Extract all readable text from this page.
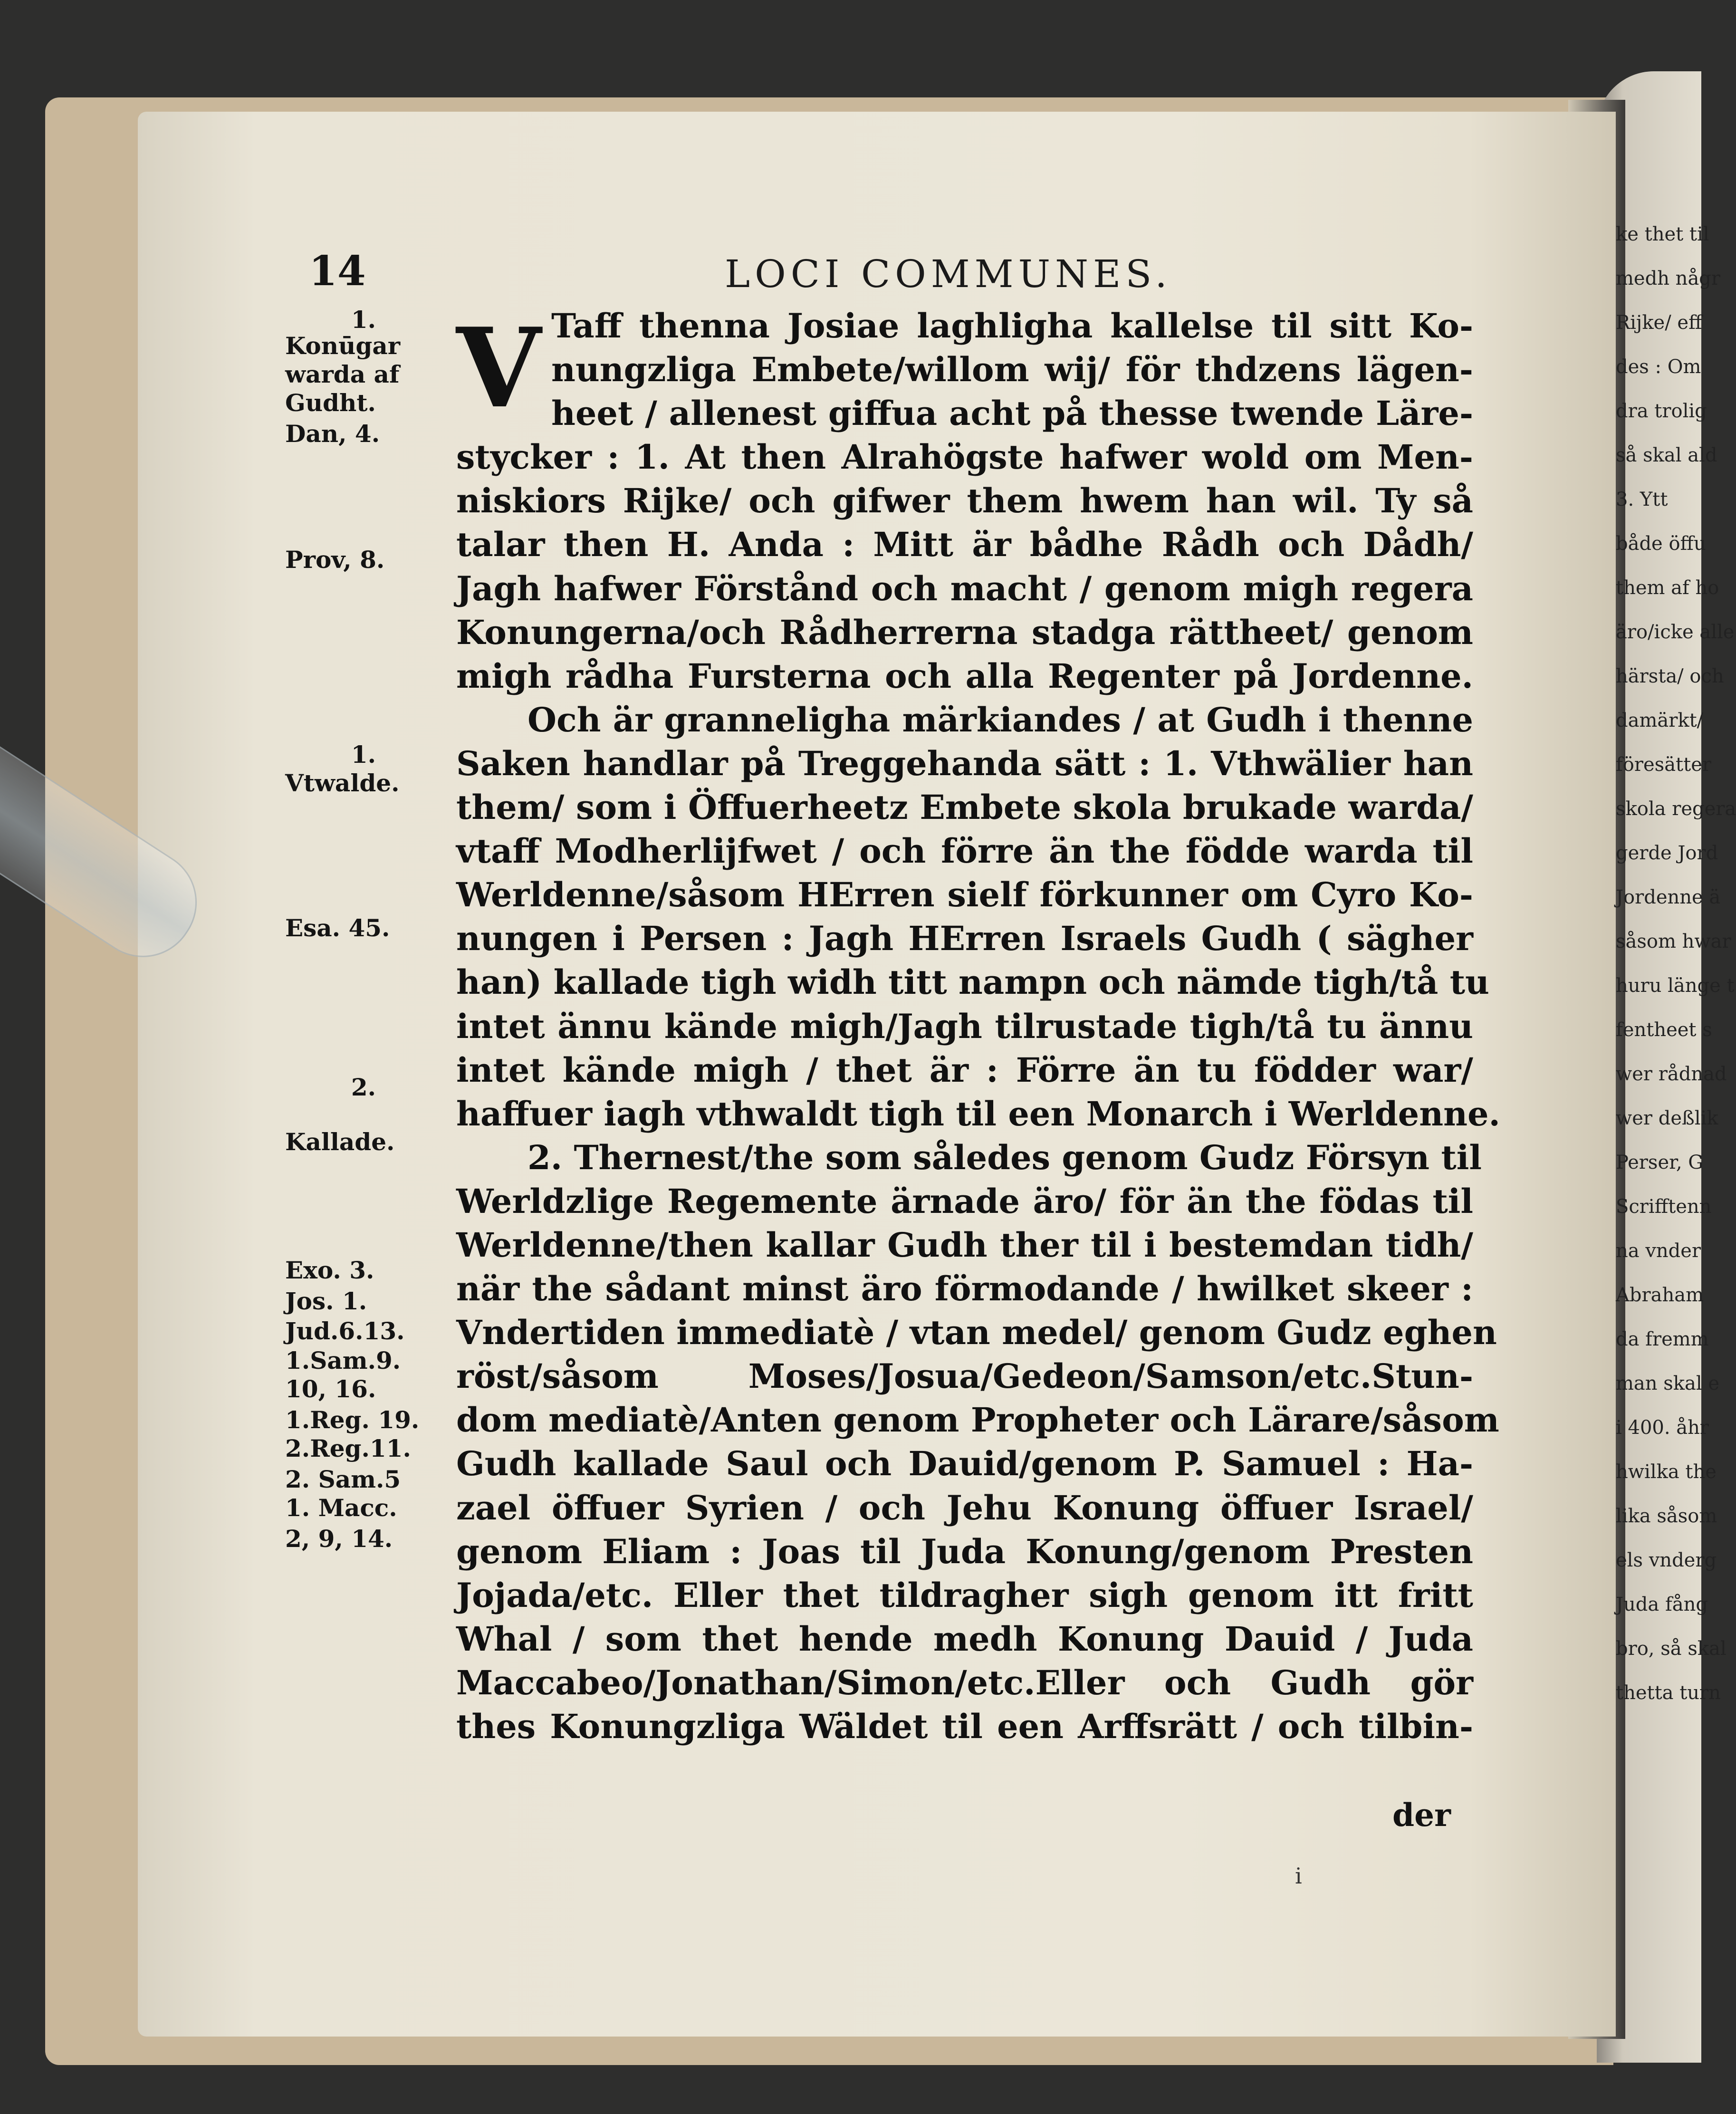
ke thet til
medh någr
Rijke/ eff
des : Om
dra trolig
så skal ald
3. Ytt
både öffu
them af ho
äro/icke alle
härsta/ och
damärkt/
föresätter
skola regera
gerde Jord
Jordenne ä
såsom hwar
huru länge t
fentheet s
wer rådnad
wer deßlik
Perser, G
Scrifftenn
na vnder
Abraham
da fremm
man skal e
i 400. åhr
hwilka the
lika såsom
els vnderg
Juda fång
bro, så skal
thetta turn
14	LOCI COMMUNES.
1.
Konūgar
warda af
Gudht.
Dan, 4.
Prov, 8.
1.
Vtwalde.
Esa. 45.
2.
Kallade.
Exo. 3.
Jos. 1.
Jud.6.13.
1.Sam.9.
10, 16.
1.Reg. 19.
2.Reg.11.
2. Sam.5
1. Macc.
2, 9, 14.
V Taff thenna Josiae laghligha kallelse til sitt Ko-
nungzliga Embete/willom wij/ för thdzens lägen-
heet / allenest giffua acht på thesse twende Läre-
stycker : 1. At then Alrahögste hafwer wold om Men-
niskiors Rijke/ och gifwer them hwem han wil. Ty så
talar then H. Anda : Mitt är bådhe Rådh och Dådh/
Jagh hafwer Förstånd och macht / genom migh regera
Konungerna/och Rådherrerna stadga rättheet/ genom
migh rådha Fursterna och alla Regenter på Jordenne.
Och är granneligha märkiandes / at Gudh i thenne
Saken handlar på Treggehanda sätt : 1. Vthwälier han
them/ som i Öffuerheetz Embete skola brukade warda/
vtaff Modherlijfwet / och förre än the födde warda til
Werldenne/såsom HErren sielf förkunner om Cyro Ko-
nungen i Persen : Jagh HErren Israels Gudh ( sägher
han) kallade tigh widh titt nampn och nämde tigh/tå tu
intet ännu kände migh/Jagh tilrustade tigh/tå tu ännu
intet kände migh / thet är : Förre än tu födder war/
haffuer iagh vthwaldt tigh til een Monarch i Werldenne.
2. Thernest/the som således genom Gudz Försyn til
Werldzlige Regemente ärnade äro/ för än the födas til
Werldenne/then kallar Gudh ther til i bestemdan tidh/
när the sådant minst äro förmodande / hwilket skeer :
Vndertiden immediatè / vtan medel/ genom Gudz eghen
röst/såsom Moses/Josua/Gedeon/Samson/etc.Stun-
dom mediatè/Anten genom Propheter och Lärare/såsom
Gudh kallade Saul och Dauid/genom P. Samuel : Ha-
zael öffuer Syrien / och Jehu Konung öffuer Israel/
genom Eliam : Joas til Juda Konung/genom Presten
Jojada/etc. Eller thet tildragher sigh genom itt fritt
Whal / som thet hende medh Konung Dauid / Juda
Maccabeo/Jonathan/Simon/etc.Eller och Gudh gör
thes Konungzliga Wäldet til een Arffsrätt / och tilbin-
der
i
